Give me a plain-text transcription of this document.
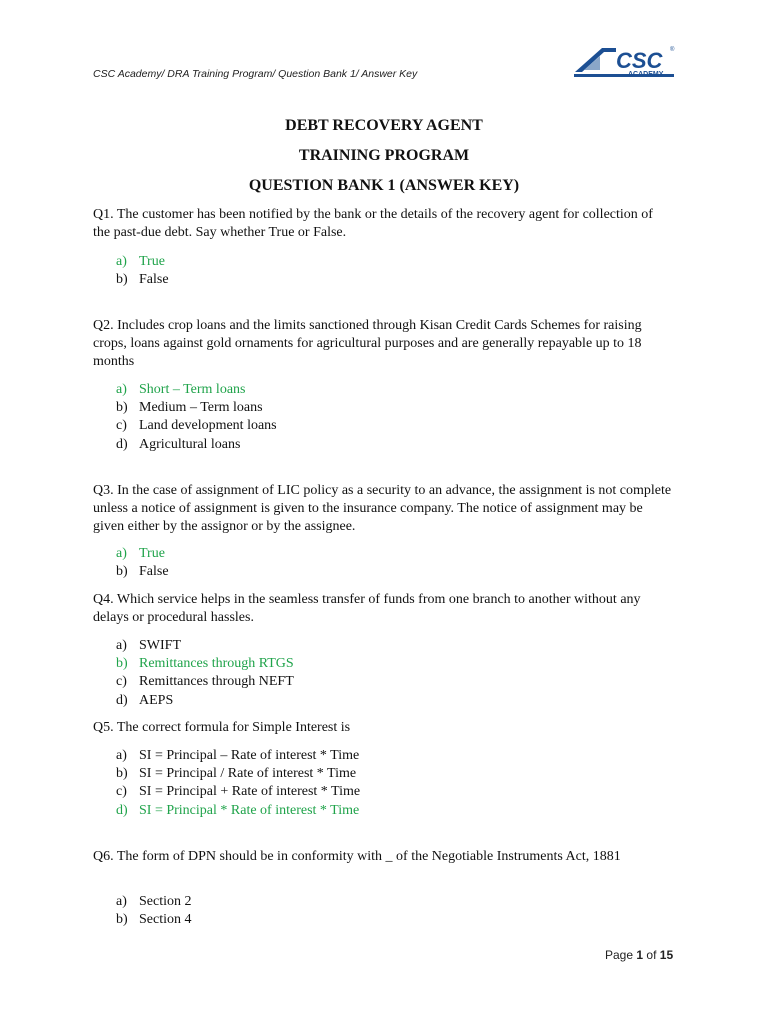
CSC Academy/ DRA Training Program/ Question Bank 1/ Answer Key
CSC ®
ACADEMY
DEBT RECOVERY AGENT
TRAINING PROGRAM
QUESTION BANK 1 (ANSWER KEY)
Q1. The customer has been notified by the bank or the details of the recovery agent for collection of the past-due debt. Say whether True or False.
a) True
b) False
Q2. Includes crop loans and the limits sanctioned through Kisan Credit Cards Schemes for raising crops, loans against gold ornaments for agricultural purposes and are generally repayable up to 18 months
a) Short – Term loans
b) Medium – Term loans
c) Land development loans
d) Agricultural loans
Q3. In the case of assignment of LIC policy as a security to an advance, the assignment is not complete unless a notice of assignment is given to the insurance company. The notice of assignment may be given either by the assignor or by the assignee.
a) True
b) False
Q4. Which service helps in the seamless transfer of funds from one branch to another without any delays or procedural hassles.
a) SWIFT
b) Remittances through RTGS
c) Remittances through NEFT
d) AEPS
Q5. The correct formula for Simple Interest is
a) SI = Principal – Rate of interest * Time
b) SI = Principal / Rate of interest * Time
c) SI = Principal + Rate of interest * Time
d) SI = Principal * Rate of interest * Time
Q6. The form of DPN should be in conformity with _ of the Negotiable Instruments Act, 1881
a) Section 2
b) Section 4
Page 1 of 15
